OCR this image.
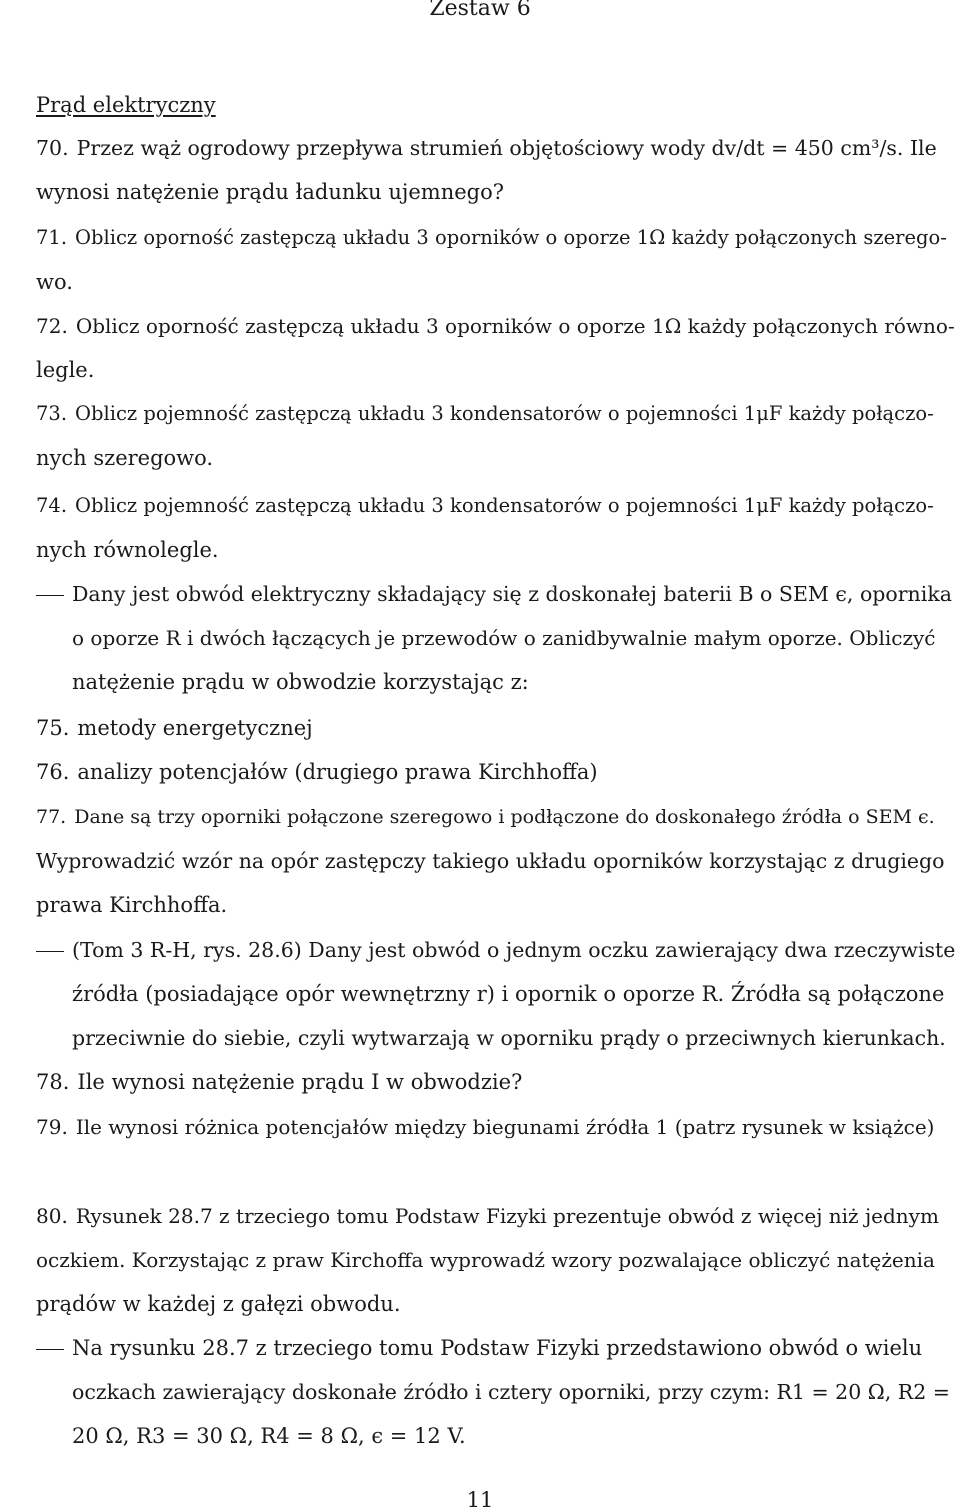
Zestaw 6
Prąd elektryczny
70. Przez wąż ogrodowy przepływa strumień objętościowy wody dv/dt = 450 cm³/s. Ile
wynosi natężenie prądu ładunku ujemnego?
71. Oblicz oporność zastępczą układu 3 oporników o oporze 1Ω każdy połączonych szerego-
wo.
72. Oblicz oporność zastępczą układu 3 oporników o oporze 1Ω każdy połączonych równo-
legle.
73. Oblicz pojemność zastępczą układu 3 kondensatorów o pojemności 1μF każdy połączo-
nych szeregowo.
74. Oblicz pojemność zastępczą układu 3 kondensatorów o pojemności 1μF każdy połączo-
nych równolegle.
Dany jest obwód elektryczny składający się z doskonałej baterii B o SEM ϵ, opornika
o oporze R i dwóch łączących je przewodów o zanidbywalnie małym oporze. Obliczyć
natężenie prądu w obwodzie korzystając z:
75. metody energetycznej
76. analizy potencjałów (drugiego prawa Kirchhoffa)
77. Dane są trzy oporniki połączone szeregowo i podłączone do doskonałego źródła o SEM ϵ.
Wyprowadzić wzór na opór zastępczy takiego układu oporników korzystając z drugiego
prawa Kirchhoffa.
(Tom 3 R-H, rys. 28.6) Dany jest obwód o jednym oczku zawierający dwa rzeczywiste
źródła (posiadające opór wewnętrzny r) i opornik o oporze R. Źródła są połączone
przeciwnie do siebie, czyli wytwarzają w oporniku prądy o przeciwnych kierunkach.
78. Ile wynosi natężenie prądu I w obwodzie?
79. Ile wynosi różnica potencjałów między biegunami źródła 1 (patrz rysunek w książce)
80. Rysunek 28.7 z trzeciego tomu Podstaw Fizyki prezentuje obwód z więcej niż jednym
oczkiem. Korzystając z praw Kirchoffa wyprowadź wzory pozwalające obliczyć natężenia
prądów w każdej z gałęzi obwodu.
Na rysunku 28.7 z trzeciego tomu Podstaw Fizyki przedstawiono obwód o wielu
oczkach zawierający doskonałe źródło i cztery oporniki, przy czym: R1 = 20 Ω, R2 =
20 Ω, R3 = 30 Ω, R4 = 8 Ω, ϵ = 12 V.
11
